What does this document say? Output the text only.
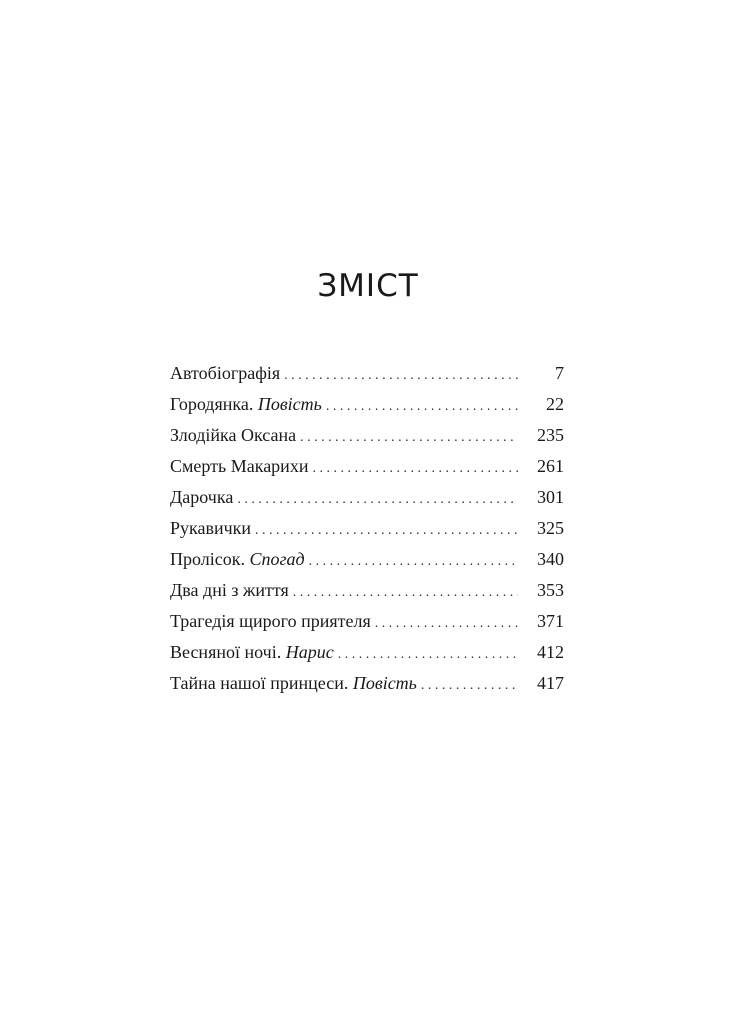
ЗМІСТ
Автобіографія . . .	7
Городянка. Повість . . .	22
Злодійка Оксана . . .	235
Смерть Макарихи . . .	261
Дарочка . . .	301
Рукавички . . .	325
Пролісок. Спогад . . .	340
Два дні з життя . . .	353
Трагедія щирого приятеля . . .	371
Весняної ночі. Нарис . . .	412
Тайна нашої принцеси. Повість . . .	417
